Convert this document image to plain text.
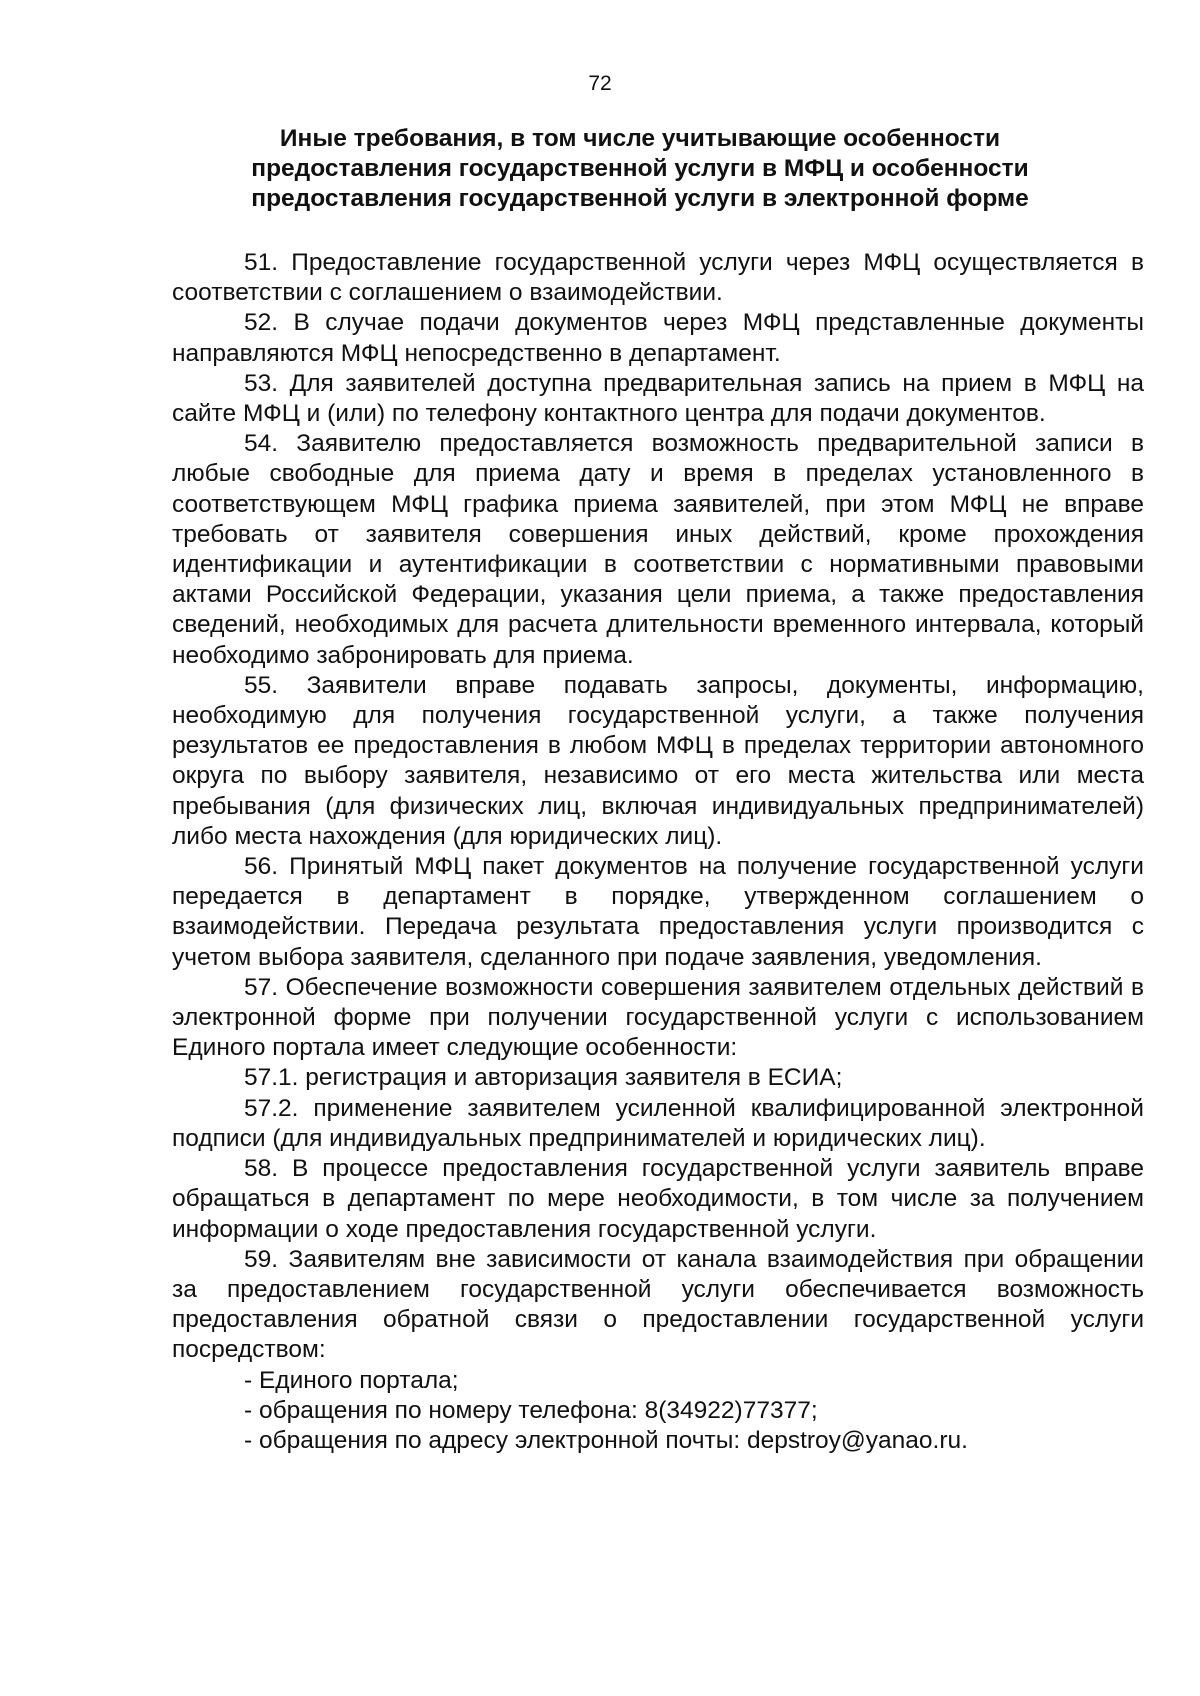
72
Иные требования, в том числе учитывающие особенности
предоставления государственной услуги в МФЦ и особенности
предоставления государственной услуги в электронной форме

51. Предоставление государственной услуги через МФЦ осуществляется в соответствии с соглашением о взаимодействии.

52. В случае подачи документов через МФЦ представленные документы направляются МФЦ непосредственно в департамент.

53. Для заявителей доступна предварительная запись на прием в МФЦ на сайте МФЦ и (или) по телефону контактного центра для подачи документов.

54. Заявителю предоставляется возможность предварительной записи в любые свободные для приема дату и время в пределах установленного в соответствующем МФЦ графика приема заявителей, при этом МФЦ не вправе требовать от заявителя совершения иных действий, кроме прохождения идентификации и аутентификации в соответствии с нормативными правовыми актами Российской Федерации, указания цели приема, а также предоставления сведений, необходимых для расчета длительности временного интервала, который необходимо забронировать для приема.

55. Заявители вправе подавать запросы, документы, информацию, необходимую для получения государственной услуги, а также получения результатов ее предоставления в любом МФЦ в пределах территории автономного округа по выбору заявителя, независимо от его места жительства или места пребывания (для физических лиц, включая индивидуальных предпринимателей) либо места нахождения (для юридических лиц).

56. Принятый МФЦ пакет документов на получение государственной услуги передается в департамент в порядке, утвержденном соглашением о взаимодействии. Передача результата предоставления услуги производится с учетом выбора заявителя, сделанного при подаче заявления, уведомления.

57. Обеспечение возможности совершения заявителем отдельных действий в электронной форме при получении государственной услуги с использованием Единого портала имеет следующие особенности:

57.1. регистрация и авторизация заявителя в ЕСИА;

57.2. применение заявителем усиленной квалифицированной электронной подписи (для индивидуальных предпринимателей и юридических лиц).

58. В процессе предоставления государственной услуги заявитель вправе обращаться в департамент по мере необходимости, в том числе за получением информации о ходе предоставления государственной услуги.

59. Заявителям вне зависимости от канала взаимодействия при обращении за предоставлением государственной услуги обеспечивается возможность предоставления обратной связи о предоставлении государственной услуги посредством:

- Единого портала;

- обращения по номеру телефона: 8(34922)77377;

- обращения по адресу электронной почты: depstroy@yanao.ru.
